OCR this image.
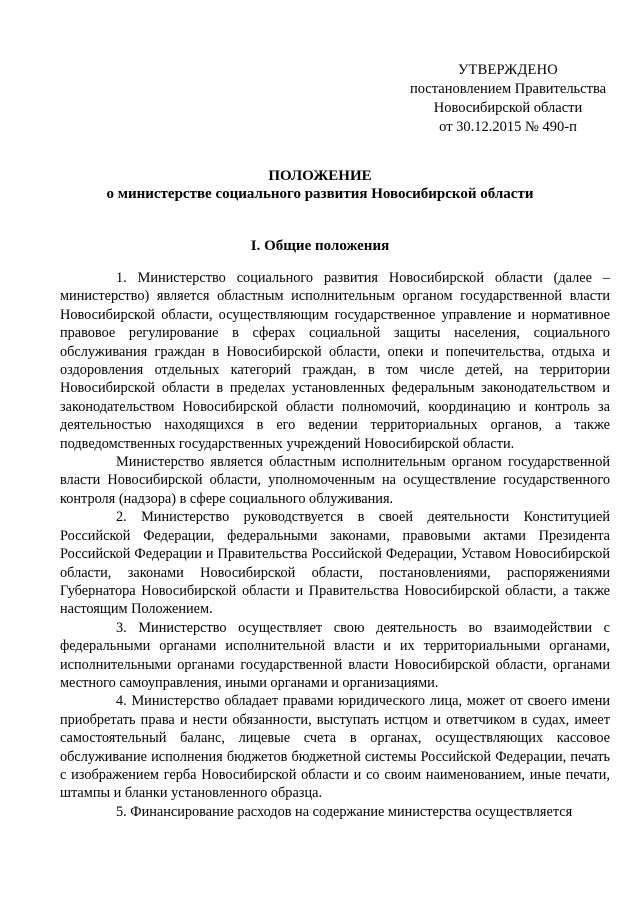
УТВЕРЖДЕНО
постановлением Правительства
Новосибирской области
от 30.12.2015 № 490-п
ПОЛОЖЕНИЕ
о министерстве социального развития Новосибирской области
I. Общие положения

1. Министерство социального развития Новосибирской области (далее – министерство) является областным исполнительным органом государственной власти Новосибирской области, осуществляющим государственное управление и нормативное правовое регулирование в сферах социальной защиты населения, социального обслуживания граждан в Новосибирской области, опеки и попечительства, отдыха и оздоровления отдельных категорий граждан, в том числе детей, на территории Новосибирской области в пределах установленных федеральным законодательством и законодательством Новосибирской области полномочий, координацию и контроль за деятельностью находящихся в его ведении территориальных органов, а также подведомственных государственных учреждений Новосибирской области.

Министерство является областным исполнительным органом государственной власти Новосибирской области, уполномоченным на осуществление государственного контроля (надзора) в сфере социального облуживания.

2. Министерство руководствуется в своей деятельности Конституцией Российской Федерации, федеральными законами, правовыми актами Президента Российской Федерации и Правительства Российской Федерации, Уставом Новосибирской области, законами Новосибирской области, постановлениями, распоряжениями Губернатора Новосибирской области и Правительства Новосибирской области, а также настоящим Положением.

3. Министерство осуществляет свою деятельность во взаимодействии с федеральными органами исполнительной власти и их территориальными органами, исполнительными органами государственной власти Новосибирской области, органами местного самоуправления, иными органами и организациями.

4. Министерство обладает правами юридического лица, может от своего имени приобретать права и нести обязанности, выступать истцом и ответчиком в судах, имеет самостоятельный баланс, лицевые счета в органах, осуществляющих кассовое обслуживание исполнения бюджетов бюджетной системы Российской Федерации, печать с изображением герба Новосибирской области и со своим наименованием, иные печати, штампы и бланки установленного образца.

5. Финансирование расходов на содержание министерства осуществляется
